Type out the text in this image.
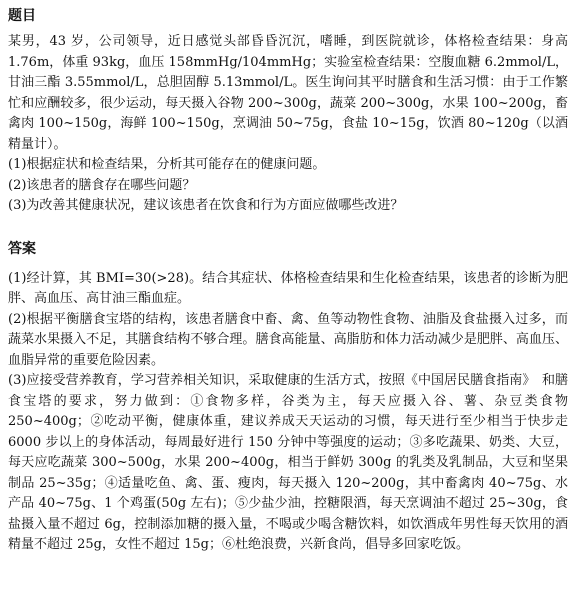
题目

某男，43 岁，公司领导，近日感觉头部昏昏沉沉，嗜睡，到医院就诊，体格检查结果：身高 1.76m，体重 93kg，血压 158mmHg/104mmHg；实验室检查结果：空腹血糖 6.2mmol/L，甘油三酯 3.55mmol/L，总胆固醇 5.13mmol/L。医生询问其平时膳食和生活习惯：由于工作繁忙和应酬较多，很少运动，每天摄入谷物 200~300g，蔬菜 200~300g，水果 100~200g，畜禽肉 100~150g，海鲜 100~150g，烹调油 50~75g，食盐 10~15g，饮酒 80~120g（以酒精量计）。

(1)根据症状和检查结果，分析其可能存在的健康问题。

(2)该患者的膳食存在哪些问题？

(3)为改善其健康状况，建议该患者在饮食和行为方面应做哪些改进？

答案

(1)经计算，其 BMI=30(>28)。结合其症状、体格检查结果和生化检查结果，该患者的诊断为肥胖、高血压、高甘油三酯血症。

(2)根据平衡膳食宝塔的结构，该患者膳食中畜、禽、鱼等动物性食物、油脂及食盐摄入过多，而蔬菜水果摄入不足，其膳食结构不够合理。膳食高能量、高脂肪和体力活动减少是肥胖、高血压、血脂异常的重要危险因素。

(3)应接受营养教育，学习营养相关知识，采取健康的生活方式，按照《中国居民膳食指南》　和膳食宝塔的要求，努力做到：①食物多样，谷类为主，每天应摄入谷、薯、杂豆类食物 250~400g；②吃动平衡，健康体重，建议养成天天运动的习惯，每天进行至少相当于快步走 6000 步以上的身体活动，每周最好进行 150 分钟中等强度的运动；③多吃蔬果、奶类、大豆，每天应吃蔬菜 300~500g，水果 200~400g，相当于鲜奶 300g 的乳类及乳制品，大豆和坚果制品 25~35g；④适量吃鱼、禽、蛋、瘦肉，每天摄入 120~200g，其中畜禽肉 40~75g、水产品 40~75g、1 个鸡蛋(50g 左右)；⑤少盐少油，控糖限酒，每天烹调油不超过 25~30g，食盐摄入量不超过 6g，控制添加糖的摄入量，不喝或少喝含糖饮料，如饮酒成年男性每天饮用的酒精量不超过 25g，女性不超过 15g；⑥杜绝浪费，兴新食尚，倡导多回家吃饭。
